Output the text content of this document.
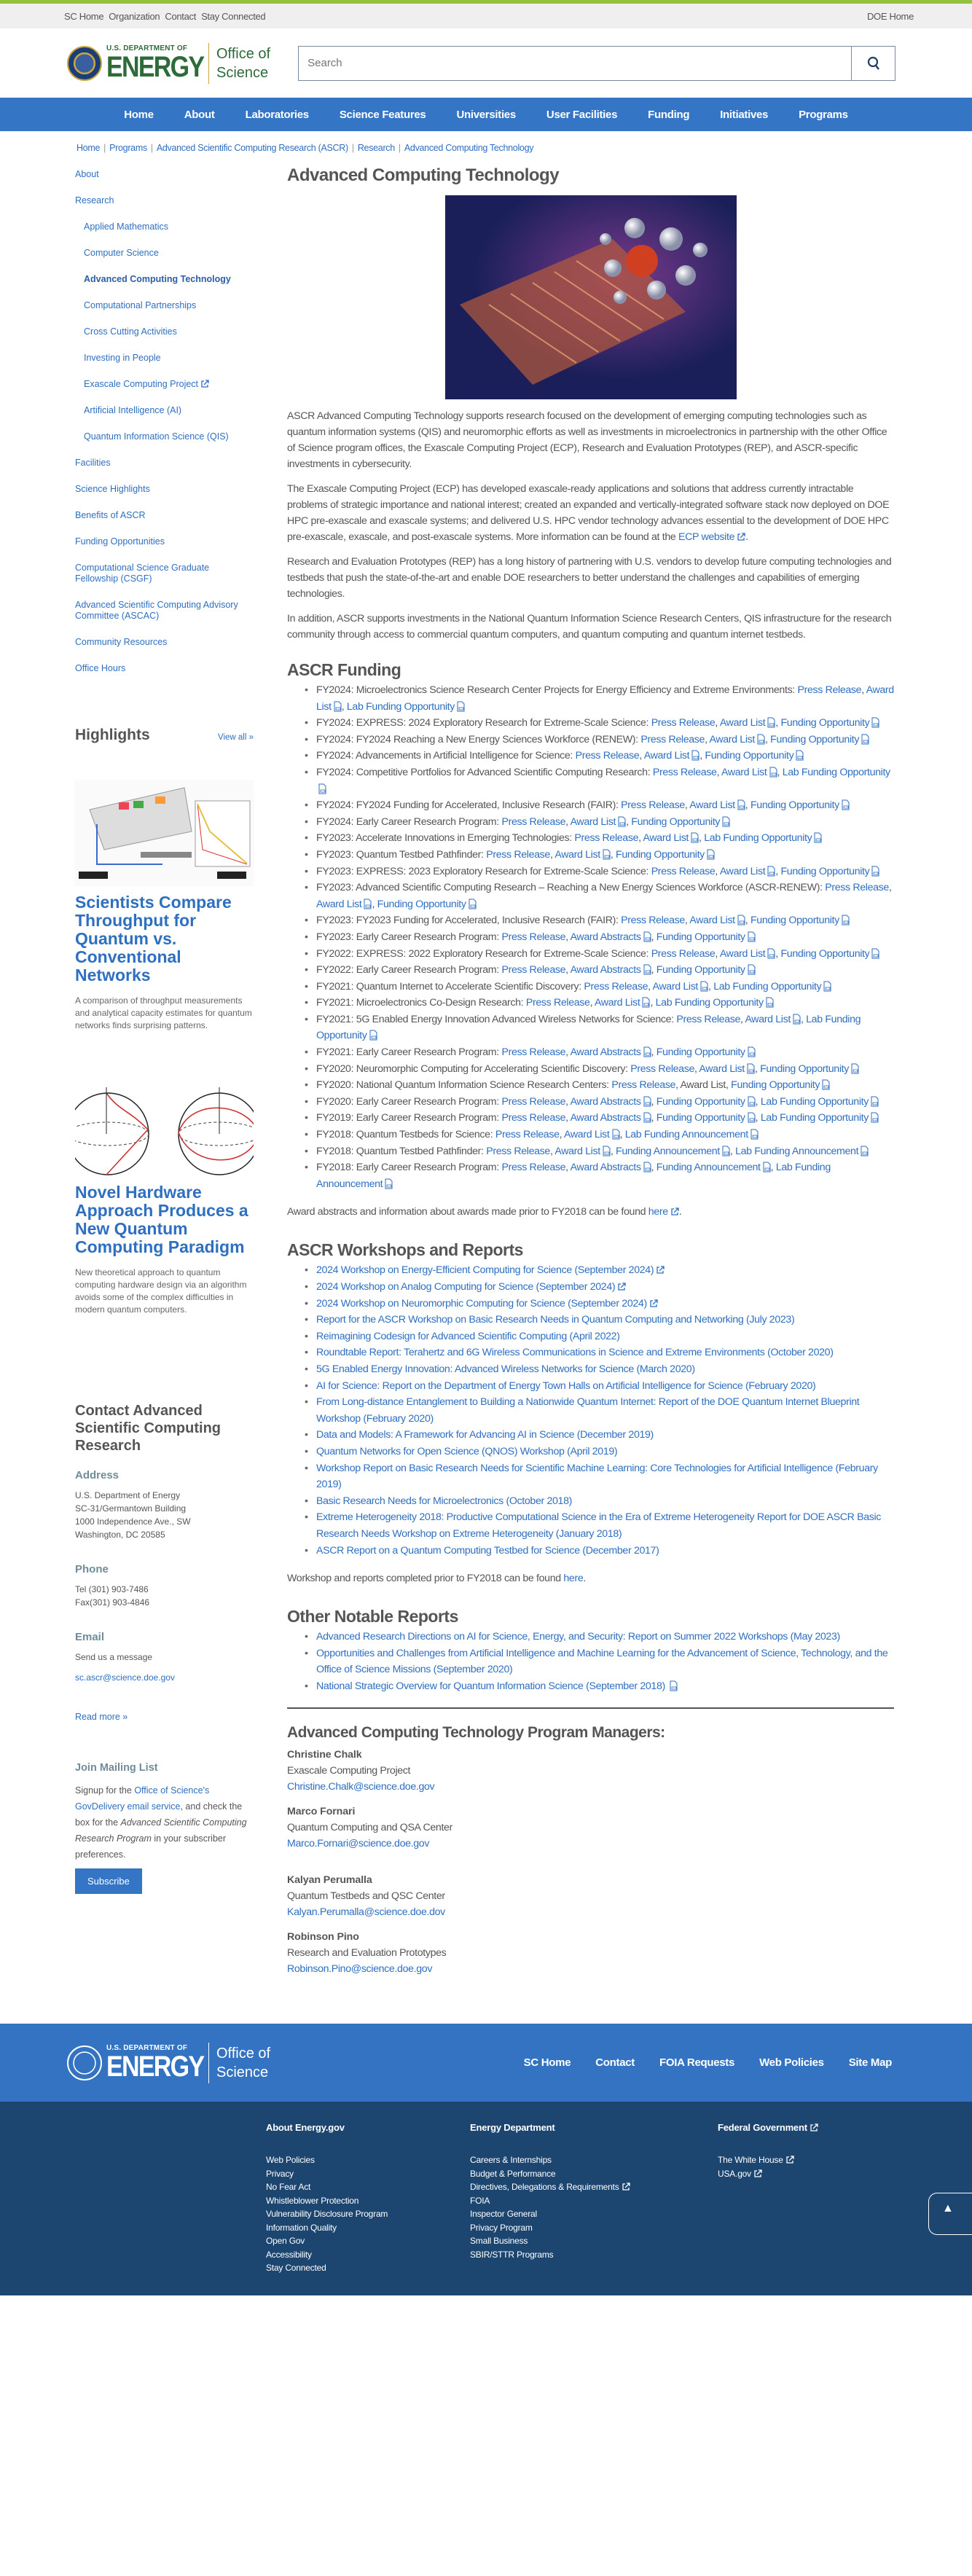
SC Home Organization Contact Stay Connected	DOE Home
U.S. DEPARTMENT OF
ENERGY Office of
Science
Search
Home	About	Laboratories	Science Features	Universities	User Facilities	Funding	Initiatives	Programs
Home | Programs | Advanced Scientific Computing Research (ASCR) | Research | Advanced Computing Technology
About
Research
Applied Mathematics
Computer Science
Advanced Computing Technology
Computational Partnerships
Cross Cutting Activities
Investing in People
Exascale Computing Project
Artificial Intelligence (AI)
Quantum Information Science (QIS)
Facilities
Science Highlights
Benefits of ASCR
Funding Opportunities
Computational Science Graduate Fellowship (CSGF)
Advanced Scientific Computing Advisory Committee (ASCAC)
Community Resources
Office Hours
Highlights	View all »
Scientists Compare Throughput for Quantum vs. Conventional Networks
A comparison of throughput measurements and analytical capacity estimates for quantum networks finds surprising patterns.
Novel Hardware Approach Produces a New Quantum Computing Paradigm
New theoretical approach to quantum computing hardware design via an algorithm avoids some of the complex difficulties in modern quantum computers.
Contact Advanced Scientific Computing Research
Address

U.S. Department of Energy
SC-31/Germantown Building
1000 Independence Ave., SW
Washington, DC 20585

Phone

Tel (301) 903-7486
Fax(301) 903-4846

Email

Send us a message

sc.ascr@science.doe.gov
Read more »
Join Mailing List

Signup for the Office of Science's GovDelivery email service, and check the box for the Advanced Scientific Computing Research Program in your subscriber preferences.

Subscribe
Advanced Computing Technology

ASCR Advanced Computing Technology supports research focused on the development of emerging computing technologies such as quantum information systems (QIS) and neuromorphic efforts as well as investments in microelectronics in partnership with the other Office of Science program offices, the Exascale Computing Project (ECP), Research and Evaluation Prototypes (REP), and ASCR-specific investments in cybersecurity.

The Exascale Computing Project (ECP) has developed exascale-ready applications and solutions that address currently intractable problems of strategic importance and national interest; created an expanded and vertically-integrated software stack now deployed on DOE HPC pre-exascale and exascale systems; and delivered U.S. HPC vendor technology advances essential to the development of DOE HPC pre-exascale, exascale, and post-exascale systems. More information can be found at the ECP website .

Research and Evaluation Prototypes (REP) has a long history of partnering with U.S. vendors to develop future computing technologies and testbeds that push the state-of-the-art and enable DOE researchers to better understand the challenges and capabilities of emerging technologies.

In addition, ASCR supports investments in the National Quantum Information Science Research Centers, QIS infrastructure for the research community through access to commercial quantum computers, and quantum computing and quantum internet testbeds.

ASCR Funding
• FY2024: Microelectronics Science Research Center Projects for Energy Efficiency and Extreme Environments: Press Release, Award List , Lab Funding Opportunity
• FY2024: EXPRESS: 2024 Exploratory Research for Extreme-Scale Science: Press Release, Award List , Funding Opportunity
• FY2024: FY2024 Reaching a New Energy Sciences Workforce (RENEW): Press Release, Award List , Funding Opportunity
• FY2024: Advancements in Artificial Intelligence for Science: Press Release, Award List , Funding Opportunity
• FY2024: Competitive Portfolios for Advanced Scientific Computing Research: Press Release, Award List , Lab Funding Opportunity
• FY2024: FY2024 Funding for Accelerated, Inclusive Research (FAIR): Press Release, Award List , Funding Opportunity
• FY2024: Early Career Research Program: Press Release, Award List , Funding Opportunity
• FY2023: Accelerate Innovations in Emerging Technologies: Press Release, Award List , Lab Funding Opportunity
• FY2023: Quantum Testbed Pathfinder: Press Release, Award List , Funding Opportunity
• FY2023: EXPRESS: 2023 Exploratory Research for Extreme-Scale Science: Press Release, Award List , Funding Opportunity
• FY2023: Advanced Scientific Computing Research – Reaching a New Energy Sciences Workforce (ASCR-RENEW): Press Release, Award List , Funding Opportunity
• FY2023: FY2023 Funding for Accelerated, Inclusive Research (FAIR): Press Release, Award List , Funding Opportunity
• FY2023: Early Career Research Program: Press Release, Award Abstracts , Funding Opportunity
• FY2022: EXPRESS: 2022 Exploratory Research for Extreme-Scale Science: Press Release, Award List , Funding Opportunity
• FY2022: Early Career Research Program: Press Release, Award Abstracts , Funding Opportunity
• FY2021: Quantum Internet to Accelerate Scientific Discovery: Press Release, Award List , Lab Funding Opportunity
• FY2021: Microelectronics Co-Design Research: Press Release, Award List , Lab Funding Opportunity
• FY2021: 5G Enabled Energy Innovation Advanced Wireless Networks for Science: Press Release, Award List , Lab Funding Opportunity
• FY2021: Early Career Research Program: Press Release, Award Abstracts , Funding Opportunity
• FY2020: Neuromorphic Computing for Accelerating Scientific Discovery: Press Release, Award List , Funding Opportunity
• FY2020: National Quantum Information Science Research Centers: Press Release, Award List, Funding Opportunity
• FY2020: Early Career Research Program: Press Release, Award Abstracts , Funding Opportunity , Lab Funding Opportunity
• FY2019: Early Career Research Program: Press Release, Award Abstracts , Funding Opportunity , Lab Funding Opportunity
• FY2018: Quantum Testbeds for Science: Press Release, Award List , Lab Funding Announcement
• FY2018: Quantum Testbed Pathfinder: Press Release, Award List , Funding Announcement , Lab Funding Announcement
• FY2018: Early Career Research Program: Press Release, Award Abstracts , Funding Announcement , Lab Funding Announcement

Award abstracts and information about awards made prior to FY2018 can be found here .

ASCR Workshops and Reports
• 2024 Workshop on Energy-Efficient Computing for Science (September 2024)
• 2024 Workshop on Analog Computing for Science (September 2024)
• 2024 Workshop on Neuromorphic Computing for Science (September 2024)
• Report for the ASCR Workshop on Basic Research Needs in Quantum Computing and Networking (July 2023)
• Reimagining Codesign for Advanced Scientific Computing (April 2022)
• Roundtable Report: Terahertz and 6G Wireless Communications in Science and Extreme Environments (October 2020)
• 5G Enabled Energy Innovation: Advanced Wireless Networks for Science (March 2020)
• AI for Science: Report on the Department of Energy Town Halls on Artificial Intelligence for Science (February 2020)
• From Long-distance Entanglement to Building a Nationwide Quantum Internet: Report of the DOE Quantum Internet Blueprint Workshop (February 2020)
• Data and Models: A Framework for Advancing AI in Science (December 2019)
• Quantum Networks for Open Science (QNOS) Workshop (April 2019)
• Workshop Report on Basic Research Needs for Scientific Machine Learning: Core Technologies for Artificial Intelligence (February 2019)
• Basic Research Needs for Microelectronics (October 2018)
• Extreme Heterogeneity 2018: Productive Computational Science in the Era of Extreme Heterogeneity Report for DOE ASCR Basic Research Needs Workshop on Extreme Heterogeneity (January 2018)
• ASCR Report on a Quantum Computing Testbed for Science (December 2017)

Workshop and reports completed prior to FY2018 can be found here.

Other Notable Reports
• Advanced Research Directions on AI for Science, Energy, and Security: Report on Summer 2022 Workshops (May 2023)
• Opportunities and Challenges from Artificial Intelligence and Machine Learning for the Advancement of Science, Technology, and the Office of Science Missions (September 2020)
• National Strategic Overview for Quantum Information Science (September 2018)
Advanced Computing Technology Program Managers:
Christine Chalk
Exascale Computing Project
Christine.Chalk@science.doe.gov
Marco Fornari
Quantum Computing and QSA Center
Marco.Fornari@science.doe.gov
Kalyan Perumalla
Quantum Testbeds and QSC Center
Kalyan.Perumalla@science.doe.dov
Robinson Pino
Research and Evaluation Prototypes
Robinson.Pino@science.doe.gov
U.S. DEPARTMENT OF
ENERGY Office of
Science
SC Home Contact FOIA Requests Web Policies Site Map
About Energy.gov
Web Policies
Privacy
No Fear Act
Whistleblower Protection
Vulnerability Disclosure Program
Information Quality
Open Gov
Accessibility
Stay Connected
Energy Department
Careers & Internships
Budget & Performance
Directives, Delegations & Requirements
FOIA
Inspector General
Privacy Program
Small Business
SBIR/STTR Programs
Federal Government
The White House
USA.gov
▲
